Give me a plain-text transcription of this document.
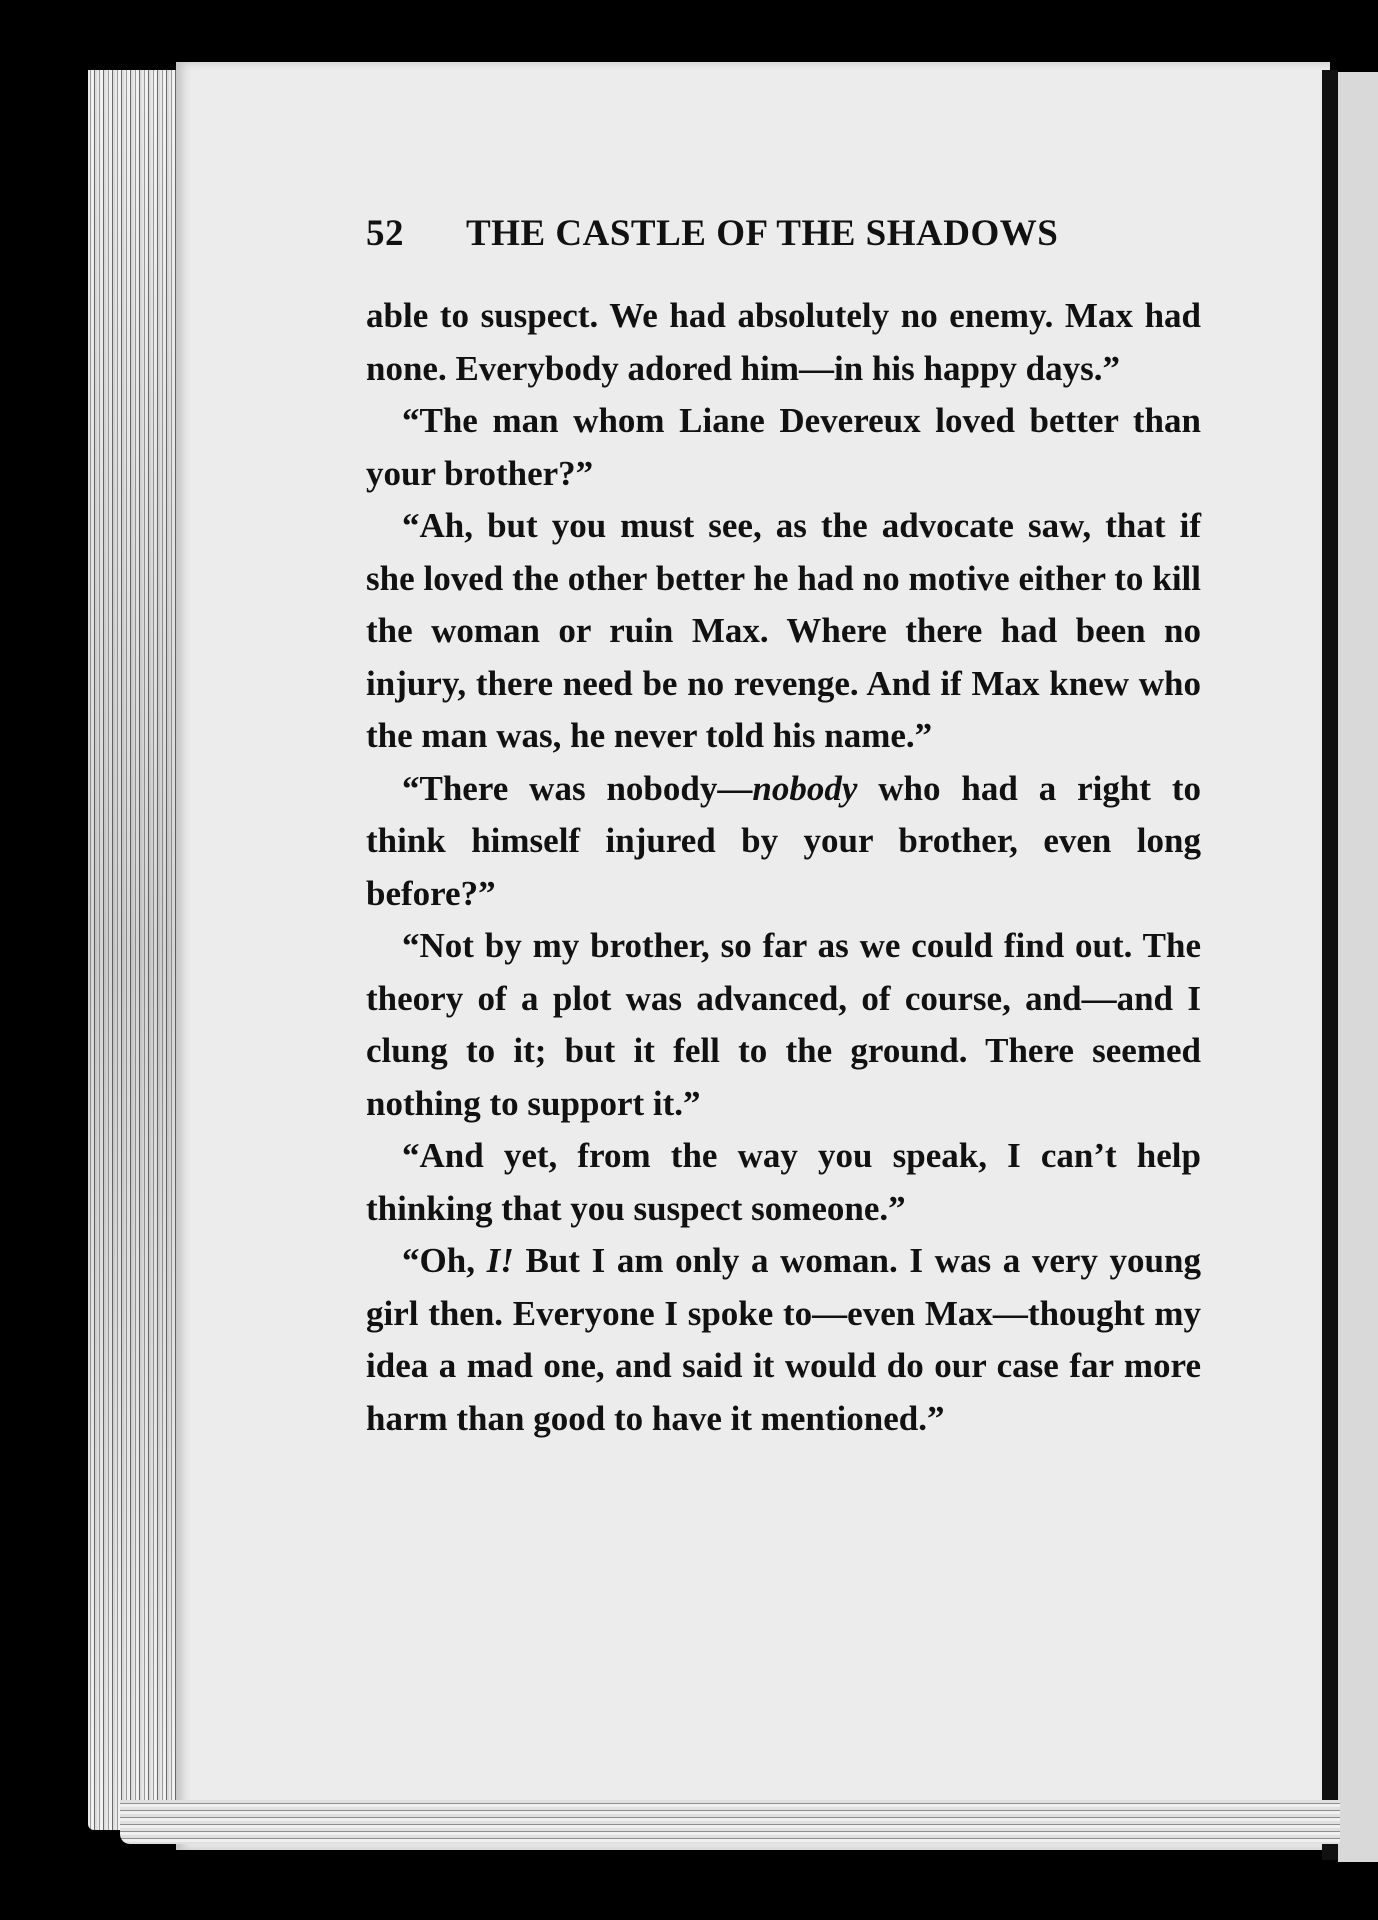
52 THE CASTLE OF THE SHADOWS

able to suspect. We had absolutely no enemy. Max had none. Everybody adored him—in his happy days.”

“The man whom Liane Devereux loved better than your brother?”

“Ah, but you must see, as the advocate saw, that if she loved the other better he had no motive either to kill the woman or ruin Max. Where there had been no injury, there need be no revenge. And if Max knew who the man was, he never told his name.”

“There was nobody—nobody who had a right to think himself injured by your brother, even long before?”

“Not by my brother, so far as we could find out. The theory of a plot was advanced, of course, and—and I clung to it; but it fell to the ground. There seemed nothing to support it.”

“And yet, from the way you speak, I can’t help thinking that you suspect someone.”

“Oh, I! But I am only a woman. I was a very young girl then. Everyone I spoke to—even Max—thought my idea a mad one, and said it would do our case far more harm than good to have it mentioned.”
